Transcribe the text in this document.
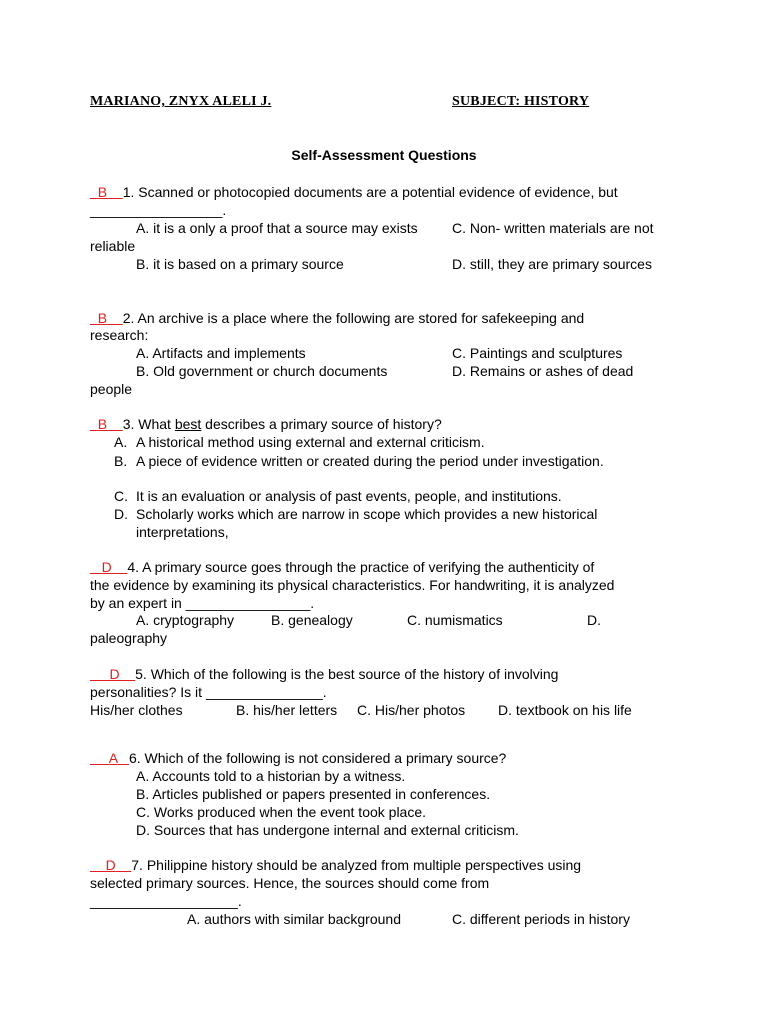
MARIANO, ZNYX ALELI J.	SUBJECT: HISTORY
Self-Assessment Questions
B 1. Scanned or photocopied documents are a potential evidence of evidence, but
_________________.
A. it is a only a proof that a source may exists C. Non- written materials are not
reliable
B. it is based on a primary source	D. still, they are primary sources
B 2. An archive is a place where the following are stored for safekeeping and
research:
A. Artifacts and implements	C. Paintings and sculptures
B. Old government or church documents	D. Remains or ashes of dead
people
B 3. What best describes a primary source of history?
A. A historical method using external and external criticism.
B. A piece of evidence written or created during the period under investigation.
C. It is an evaluation or analysis of past events, people, and institutions.
D. Scholarly works which are narrow in scope which provides a new historical
interpretations,
D 4. A primary source goes through the practice of verifying the authenticity of
the evidence by examining its physical characteristics. For handwriting, it is analyzed
by an expert in ________________.
A. cryptography	B. genealogy	C. numismatics	D.
paleography
D 5. Which of the following is the best source of the history of involving
personalities? Is it _______________.
His/her clothes	B. his/her letters C. His/her photos D. textbook on his life
A 6. Which of the following is not considered a primary source?
A. Accounts told to a historian by a witness.
B. Articles published or papers presented in conferences.
C. Works produced when the event took place.
D. Sources that has undergone internal and external criticism.
D 7. Philippine history should be analyzed from multiple perspectives using
selected primary sources. Hence, the sources should come from
___________________.
A. authors with similar background	C. different periods in history
